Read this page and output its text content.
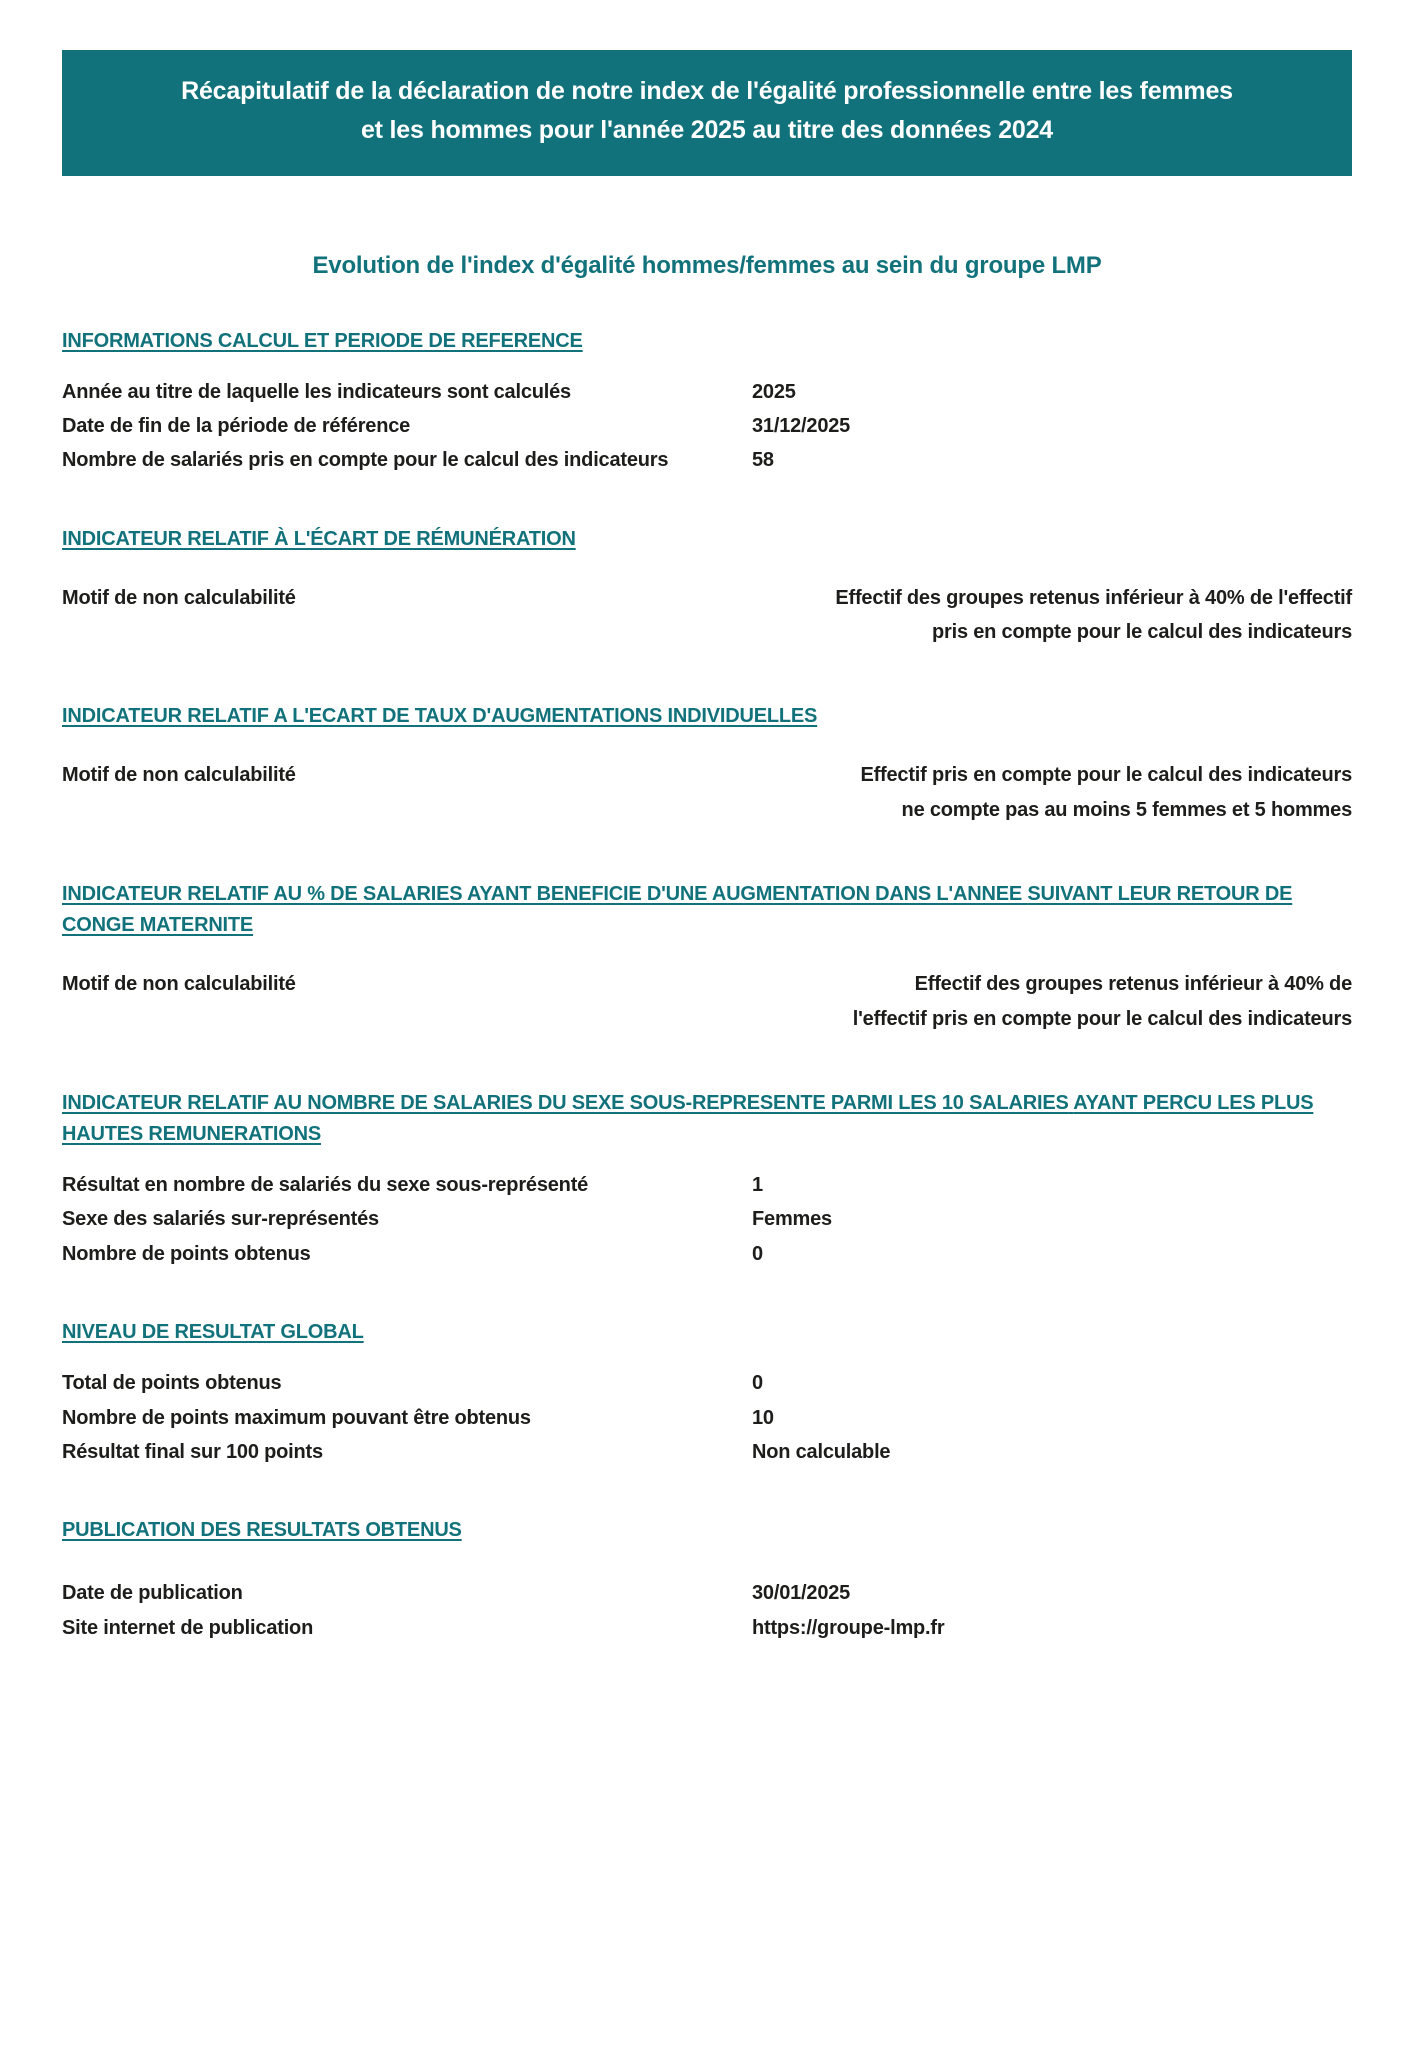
Récapitulatif de la déclaration de notre index de l'égalité professionnelle entre les femmes
et les hommes pour l'année 2025 au titre des données 2024
Evolution de l'index d'égalité hommes/femmes au sein du groupe LMP
INFORMATIONS CALCUL ET PERIODE DE REFERENCE
Année au titre de laquelle les indicateurs sont calculés	2025
Date de fin de la période de référence	31/12/2025
Nombre de salariés pris en compte pour le calcul des indicateurs	58
INDICATEUR RELATIF À L'ÉCART DE RÉMUNÉRATION
Motif de non calculabilité	Effectif des groupes retenus inférieur à 40% de l'effectif
pris en compte pour le calcul des indicateurs
INDICATEUR RELATIF A L'ECART DE TAUX D'AUGMENTATIONS INDIVIDUELLES
Motif de non calculabilité	Effectif pris en compte pour le calcul des indicateurs
ne compte pas au moins 5 femmes et 5 hommes
INDICATEUR RELATIF AU % DE SALARIES AYANT BENEFICIE D'UNE AUGMENTATION DANS L'ANNEE SUIVANT LEUR RETOUR DE CONGE MATERNITE
Motif de non calculabilité	Effectif des groupes retenus inférieur à 40% de
l'effectif pris en compte pour le calcul des indicateurs
INDICATEUR RELATIF AU NOMBRE DE SALARIES DU SEXE SOUS-REPRESENTE PARMI LES 10 SALARIES AYANT PERCU LES PLUS HAUTES REMUNERATIONS
Résultat en nombre de salariés du sexe sous-représenté	1
Sexe des salariés sur-représentés	Femmes
Nombre de points obtenus	0
NIVEAU DE RESULTAT GLOBAL
Total de points obtenus	0
Nombre de points maximum pouvant être obtenus	10
Résultat final sur 100 points	Non calculable
PUBLICATION DES RESULTATS OBTENUS
Date de publication	30/01/2025
Site internet de publication	https://groupe-lmp.fr
